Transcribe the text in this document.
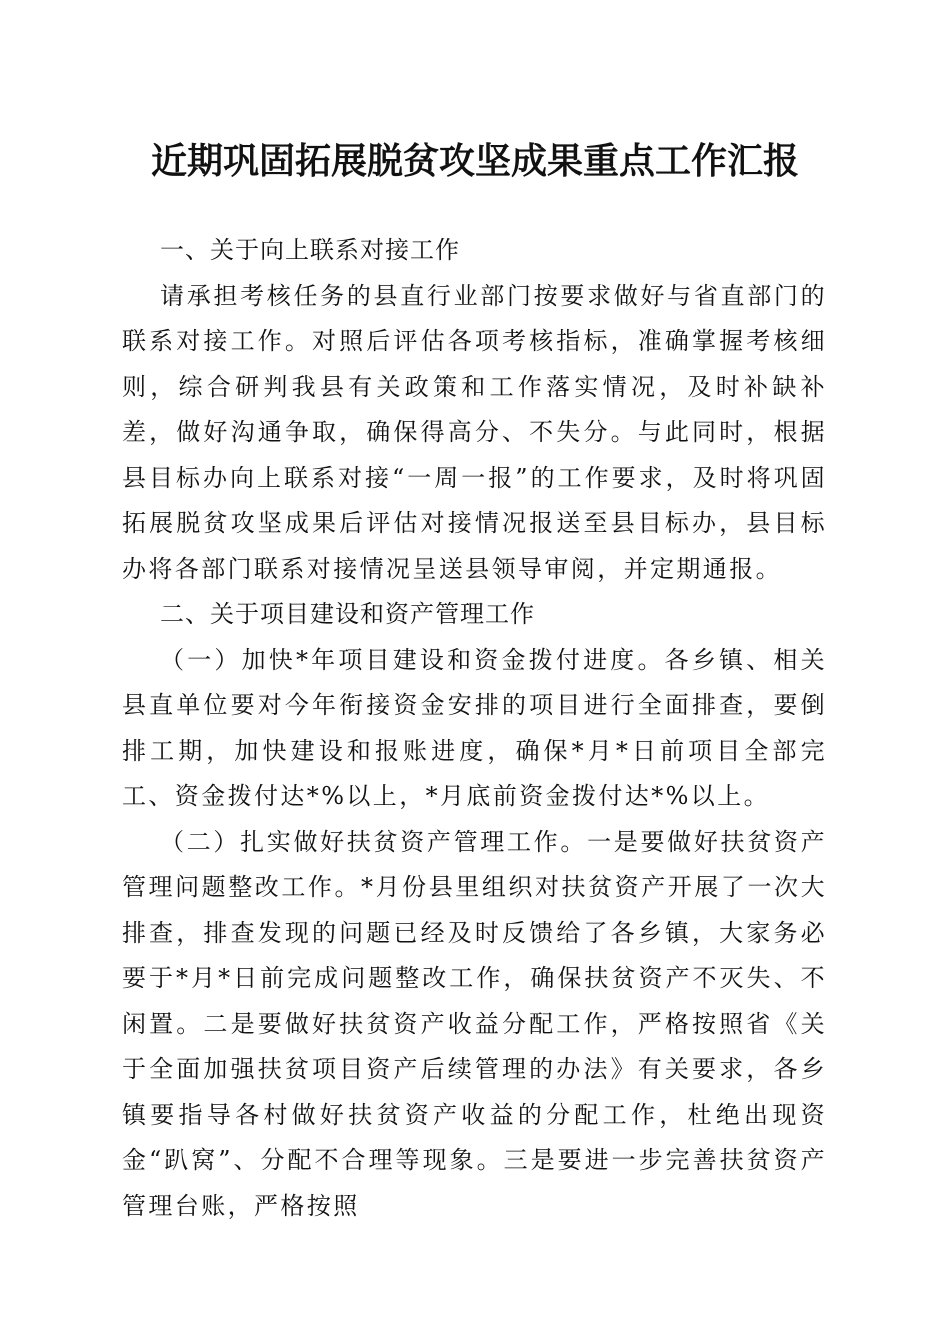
近期巩固拓展脱贫攻坚成果重点工作汇报

一、关于向上联系对接工作

请承担考核任务的县直行业部门按要求做好与省直部门的联系对接工作。对照后评估各项考核指标，准确掌握考核细则，综合研判我县有关政策和工作落实情况，及时补缺补差，做好沟通争取，确保得高分、不失分。与此同时，根据县目标办向上联系对接“一周一报”的工作要求，及时将巩固拓展脱贫攻坚成果后评估对接情况报送至县目标办，县目标办将各部门联系对接情况呈送县领导审阅，并定期通报。

二、关于项目建设和资产管理工作

（一）加快*年项目建设和资金拨付进度。各乡镇、相关县直单位要对今年衔接资金安排的项目进行全面排查，要倒排工期，加快建设和报账进度，确保*月*日前项目全部完工、资金拨付达*%以上，*月底前资金拨付达*%以上。

（二）扎实做好扶贫资产管理工作。一是要做好扶贫资产管理问题整改工作。*月份县里组织对扶贫资产开展了一次大排查，排查发现的问题已经及时反馈给了各乡镇，大家务必要于*月*日前完成问题整改工作，确保扶贫资产不灭失、不闲置。二是要做好扶贫资产收益分配工作，严格按照省《关于全面加强扶贫项目资产后续管理的办法》有关要求，各乡镇要指导各村做好扶贫资产收益的分配工作，杜绝出现资金“趴窝”、分配不合理等现象。三是要进一步完善扶贫资产管理台账，严格按照
